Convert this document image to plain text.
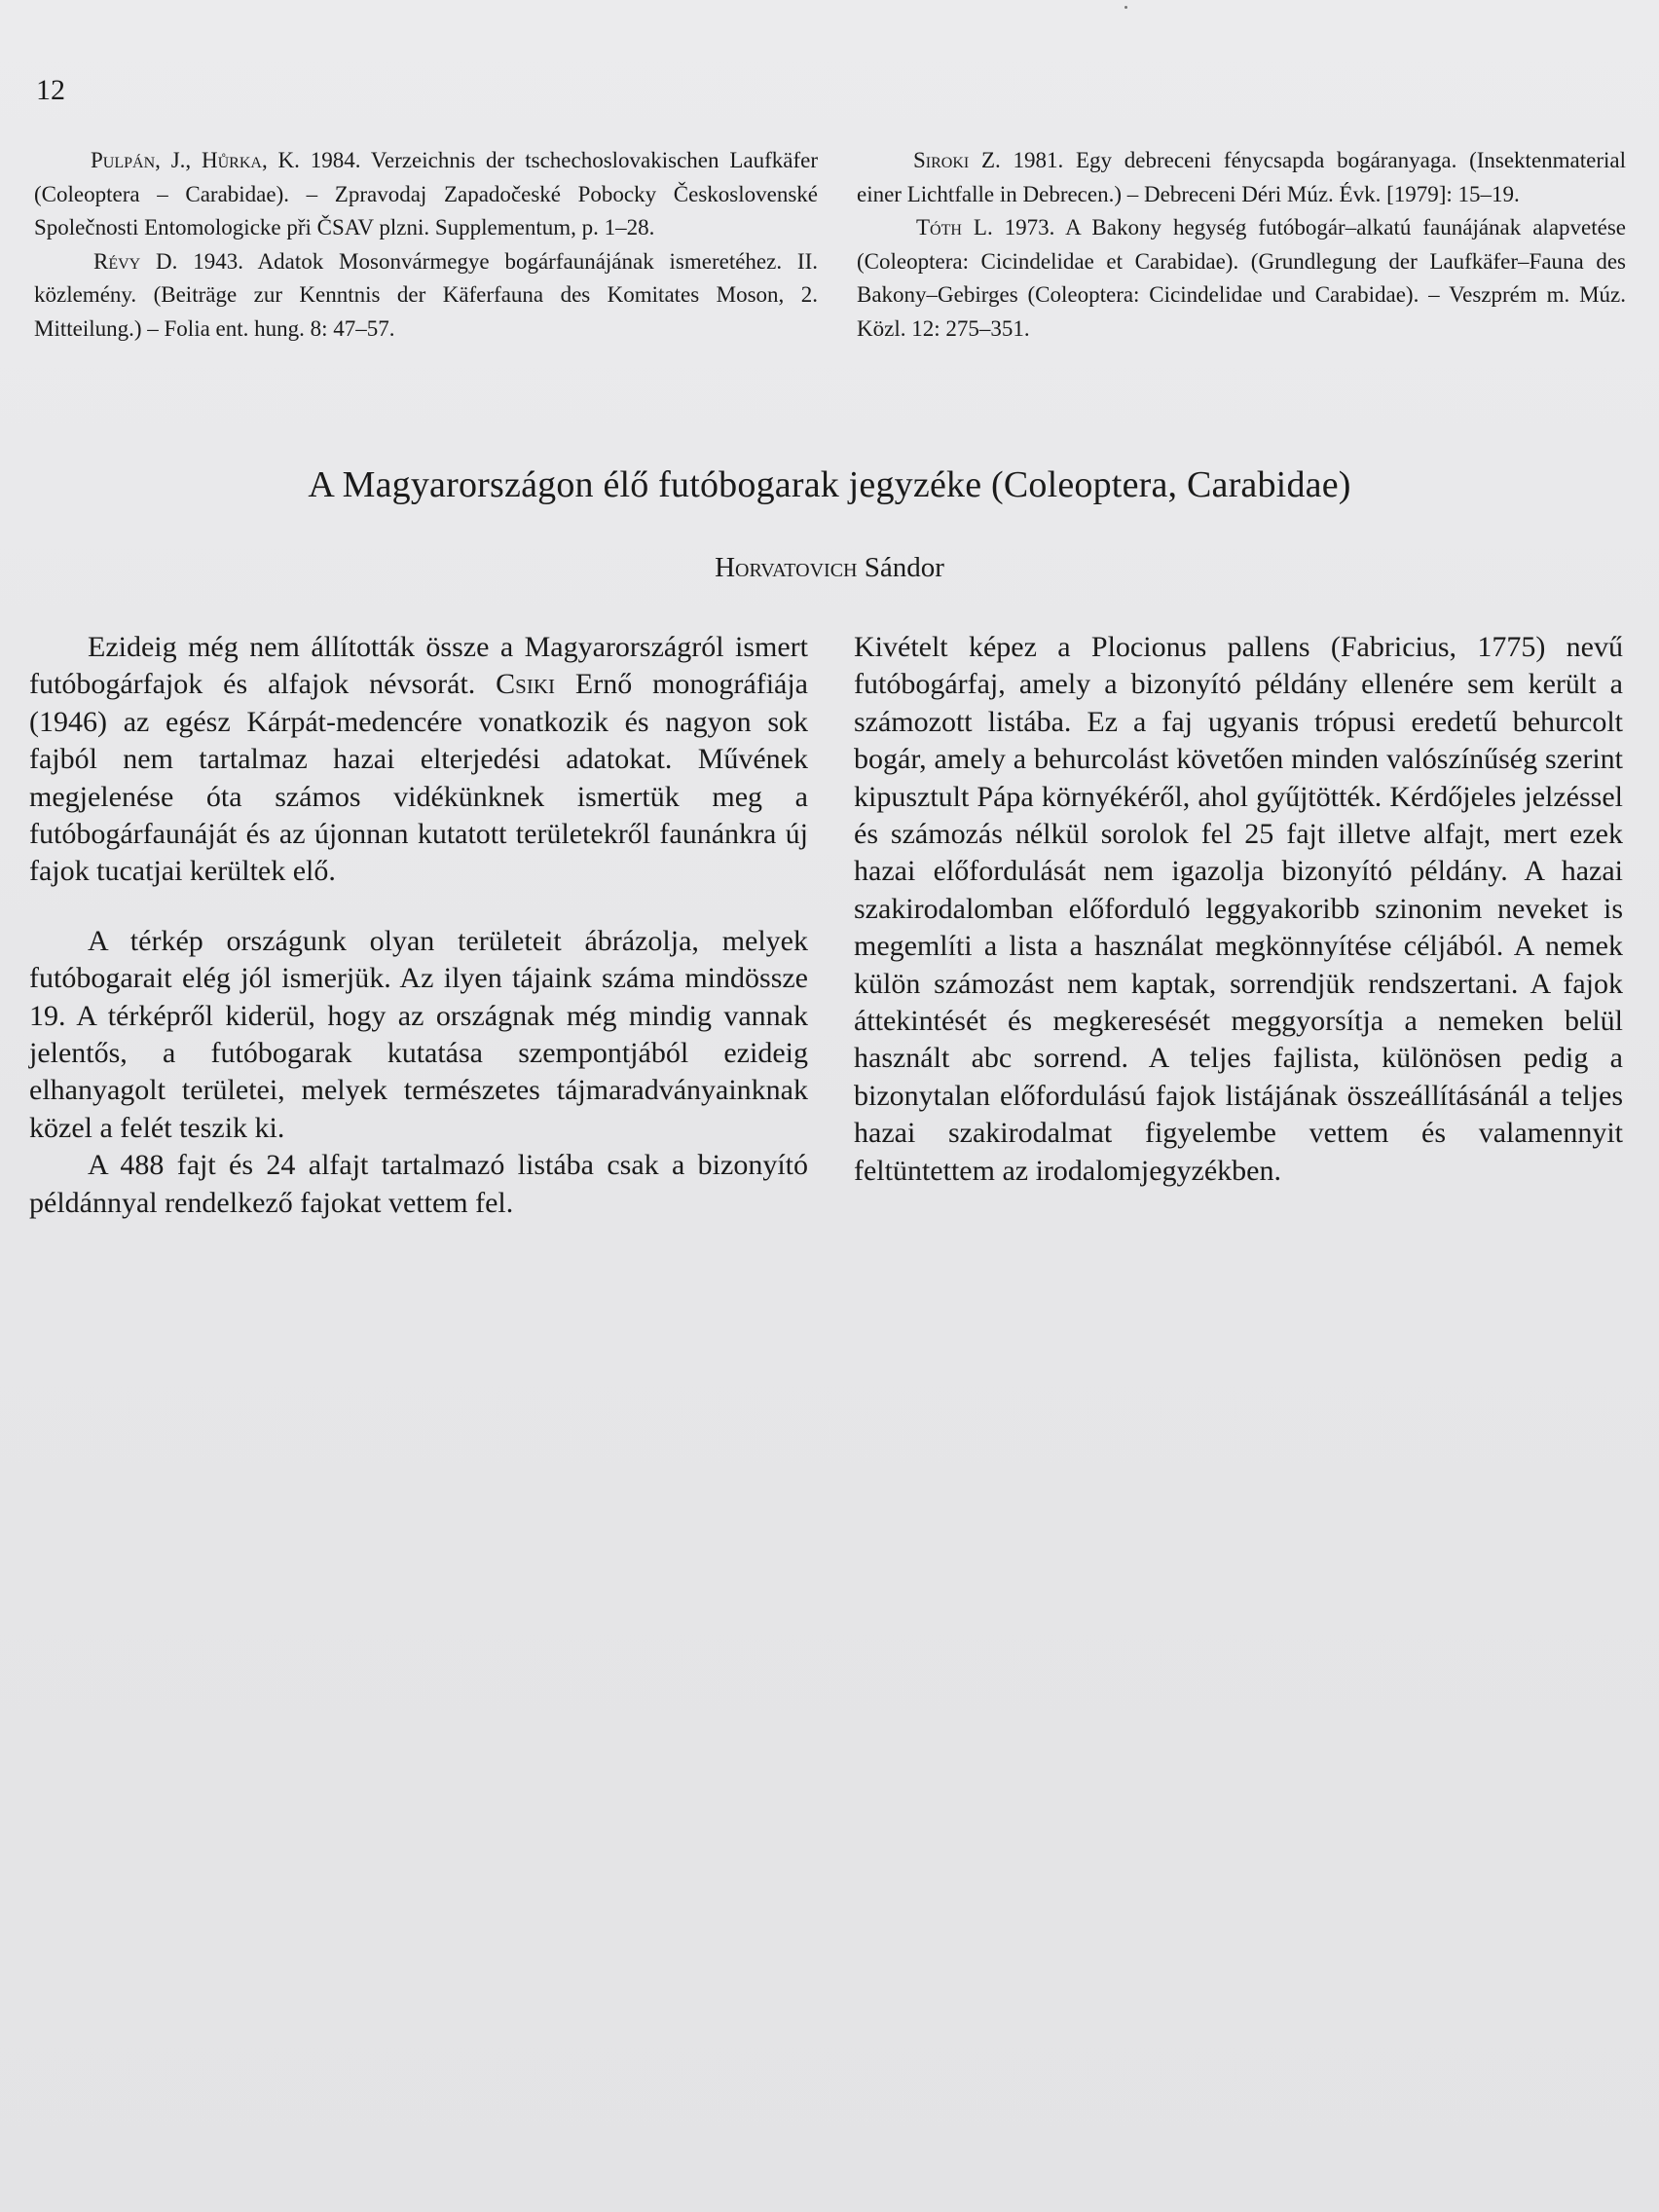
12

Pulpán, J., Hůrka, K. 1984. Verzeichnis der tschechoslovakischen Laufkäfer (Coleoptera – Carabidae). – Zpravodaj Zapadočeské Pobocky Československé Společnosti Entomologicke při ČSAV plzni. Supplementum, p. 1–28.

Révy D. 1943. Adatok Mosonvármegye bogárfaunájának ismeretéhez. II. közlemény. (Beiträge zur Kenntnis der Käferfauna des Komitates Moson, 2. Mitteilung.) – Folia ent. hung. 8: 47–57.

Siroki Z. 1981. Egy debreceni fénycsapda bogáranyaga. (Insektenmaterial einer Lichtfalle in Debrecen.) – Debreceni Déri Múz. Évk. [1979]: 15–19.

Tóth L. 1973. A Bakony hegység futóbogár–alkatú faunájának alapvetése (Coleoptera: Cicindelidae et Carabidae). (Grundlegung der Laufkäfer–Fauna des Bakony–Gebirges (Coleoptera: Cicindelidae und Carabidae). – Veszprém m. Múz. Közl. 12: 275–351.

A Magyarországon élő futóbogarak jegyzéke (Coleoptera, Carabidae)
Horvatovich Sándor

Ezideig még nem állították össze a Magyarországról ismert futóbogárfajok és alfajok névsorát. Csiki Ernő monográfiája (1946) az egész Kárpát-medencére vonatkozik és nagyon sok fajból nem tartalmaz hazai elterjedési adatokat. Művének megjelenése óta számos vidékünknek ismertük meg a futóbogárfaunáját és az újonnan kutatott területekről faunánkra új fajok tucatjai kerültek elő.

A térkép országunk olyan területeit ábrázolja, melyek futóbogarait elég jól ismerjük. Az ilyen tájaink száma mindössze 19. A térképről kiderül, hogy az országnak még mindig vannak jelentős, a futóbogarak kutatása szempontjából ezideig elhanyagolt területei, melyek természetes tájmaradványainknak közel a felét teszik ki.

A 488 fajt és 24 alfajt tartalmazó listába csak a bizonyító példánnyal rendelkező fajokat vettem fel.

Kivételt képez a Plocionus pallens (Fabricius, 1775) nevű futóbogárfaj, amely a bizonyító példány ellenére sem került a számozott listába. Ez a faj ugyanis trópusi eredetű behurcolt bogár, amely a behurcolást követően minden valószínűség szerint kipusztult Pápa környékéről, ahol gyűjtötték. Kérdőjeles jelzéssel és számozás nélkül sorolok fel 25 fajt illetve alfajt, mert ezek hazai előfordulását nem igazolja bizonyító példány. A hazai szakirodalomban előforduló leggyakoribb szinonim neveket is megemlíti a lista a használat megkönnyítése céljából. A nemek külön számozást nem kaptak, sorrendjük rendszertani. A fajok áttekintését és megkeresését meggyorsítja a nemeken belül használt abc sorrend. A teljes fajlista, különösen pedig a bizonytalan előfordulású fajok listájának összeállításánál a teljes hazai szakirodalmat figyelembe vettem és valamennyit feltüntettem az irodalomjegyzékben.
